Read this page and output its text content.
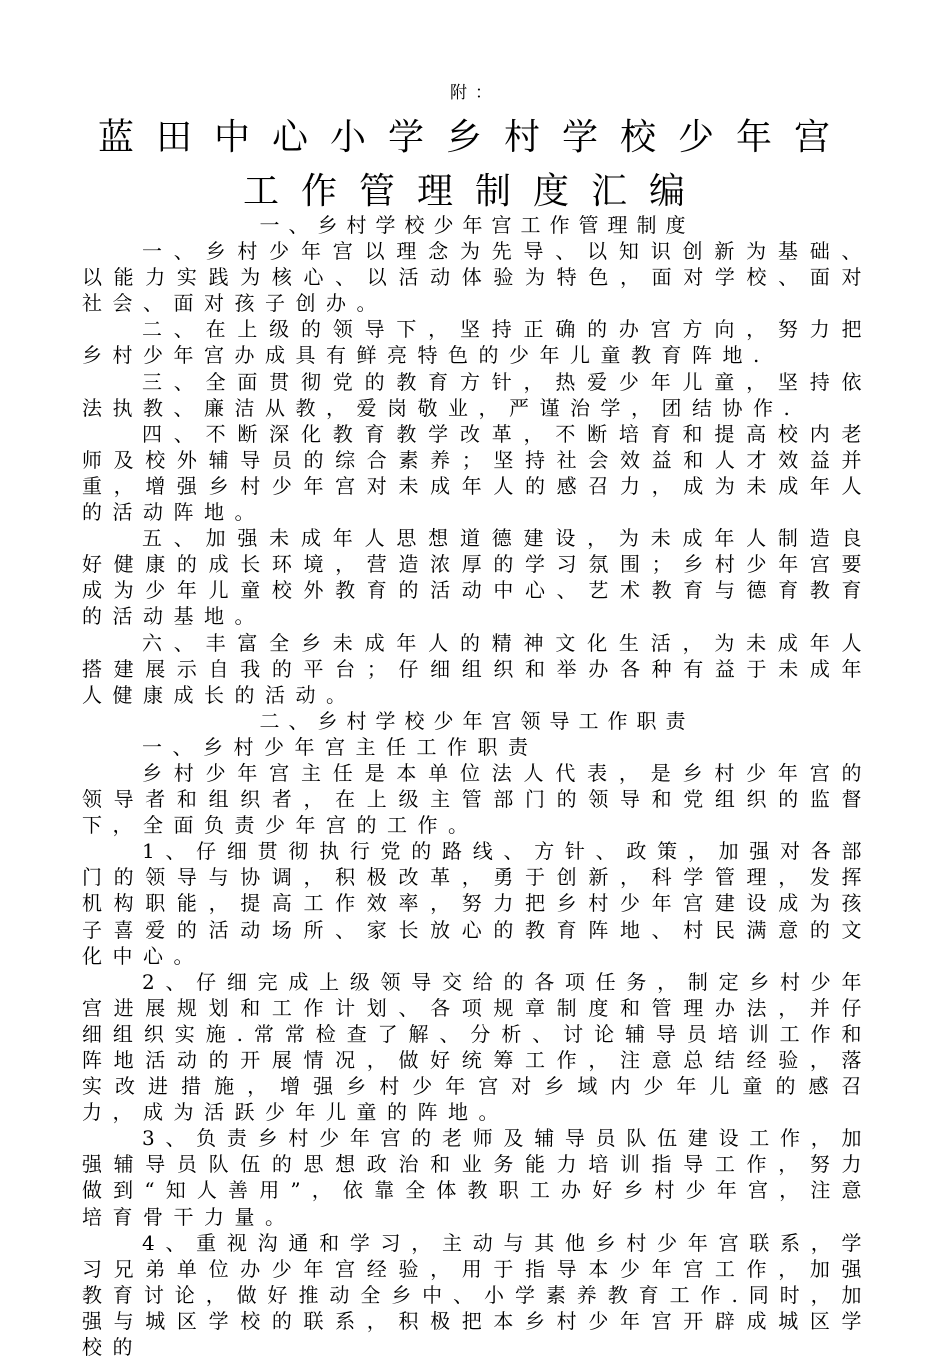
附：
蓝田中心小学乡村学校少年宫
工作管理制度汇编

一、乡村学校少年宫工作管理制度

一、乡村少年宫以理念为先导、以知识创新为基础、以能力实践为核心、以活动体验为特色，面对学校、面对社会、面对孩子创办。

二、在上级的领导下，坚持正确的办宫方向，努力把乡村少年宫办成具有鲜亮特色的少年儿童教育阵地.

三、全面贯彻党的教育方针，热爱少年儿童，坚持依法执教、廉洁从教，爱岗敬业，严谨治学，团结协作.

四、不断深化教育教学改革，不断培育和提高校内老师及校外辅导员的综合素养；坚持社会效益和人才效益并重，增强乡村少年宫对未成年人的感召力，成为未成年人的活动阵地。

五、加强未成年人思想道德建设，为未成年人制造良好健康的成长环境，营造浓厚的学习氛围；乡村少年宫要成为少年儿童校外教育的活动中心、艺术教育与德育教育的活动基地。

六、丰富全乡未成年人的精神文化生活，为未成年人搭建展示自我的平台；仔细组织和举办各种有益于未成年人健康成长的活动。

二、乡村学校少年宫领导工作职责

一、乡村少年宫主任工作职责

乡村少年宫主任是本单位法人代表，是乡村少年宫的领导者和组织者，在上级主管部门的领导和党组织的监督下，全面负责少年宫的工作。

1、仔细贯彻执行党的路线、方针、政策，加强对各部门的领导与协调，积极改革，勇于创新，科学管理，发挥机构职能，提高工作效率，努力把乡村少年宫建设成为孩子喜爱的活动场所、家长放心的教育阵地、村民满意的文化中心。

2、仔细完成上级领导交给的各项任务，制定乡村少年宫进展规划和工作计划、各项规章制度和管理办法，并仔细组织实施.常常检查了解、分析、讨论辅导员培训工作和阵地活动的开展情况，做好统筹工作，注意总结经验，落实改进措施，增强乡村少年宫对乡域内少年儿童的感召力，成为活跃少年儿童的阵地。

3、负责乡村少年宫的老师及辅导员队伍建设工作，加强辅导员队伍的思想政治和业务能力培训指导工作，努力做到“知人善用”，依靠全体教职工办好乡村少年宫，注意培育骨干力量。

4、重视沟通和学习，主动与其他乡村少年宫联系，学习兄弟单位办少年宫经验，用于指导本少年宫工作，加强教育讨论，做好推动全乡中、小学素养教育工作.同时，加强与城区学校的联系，积极把本乡村少年宫开辟成城区学校的
